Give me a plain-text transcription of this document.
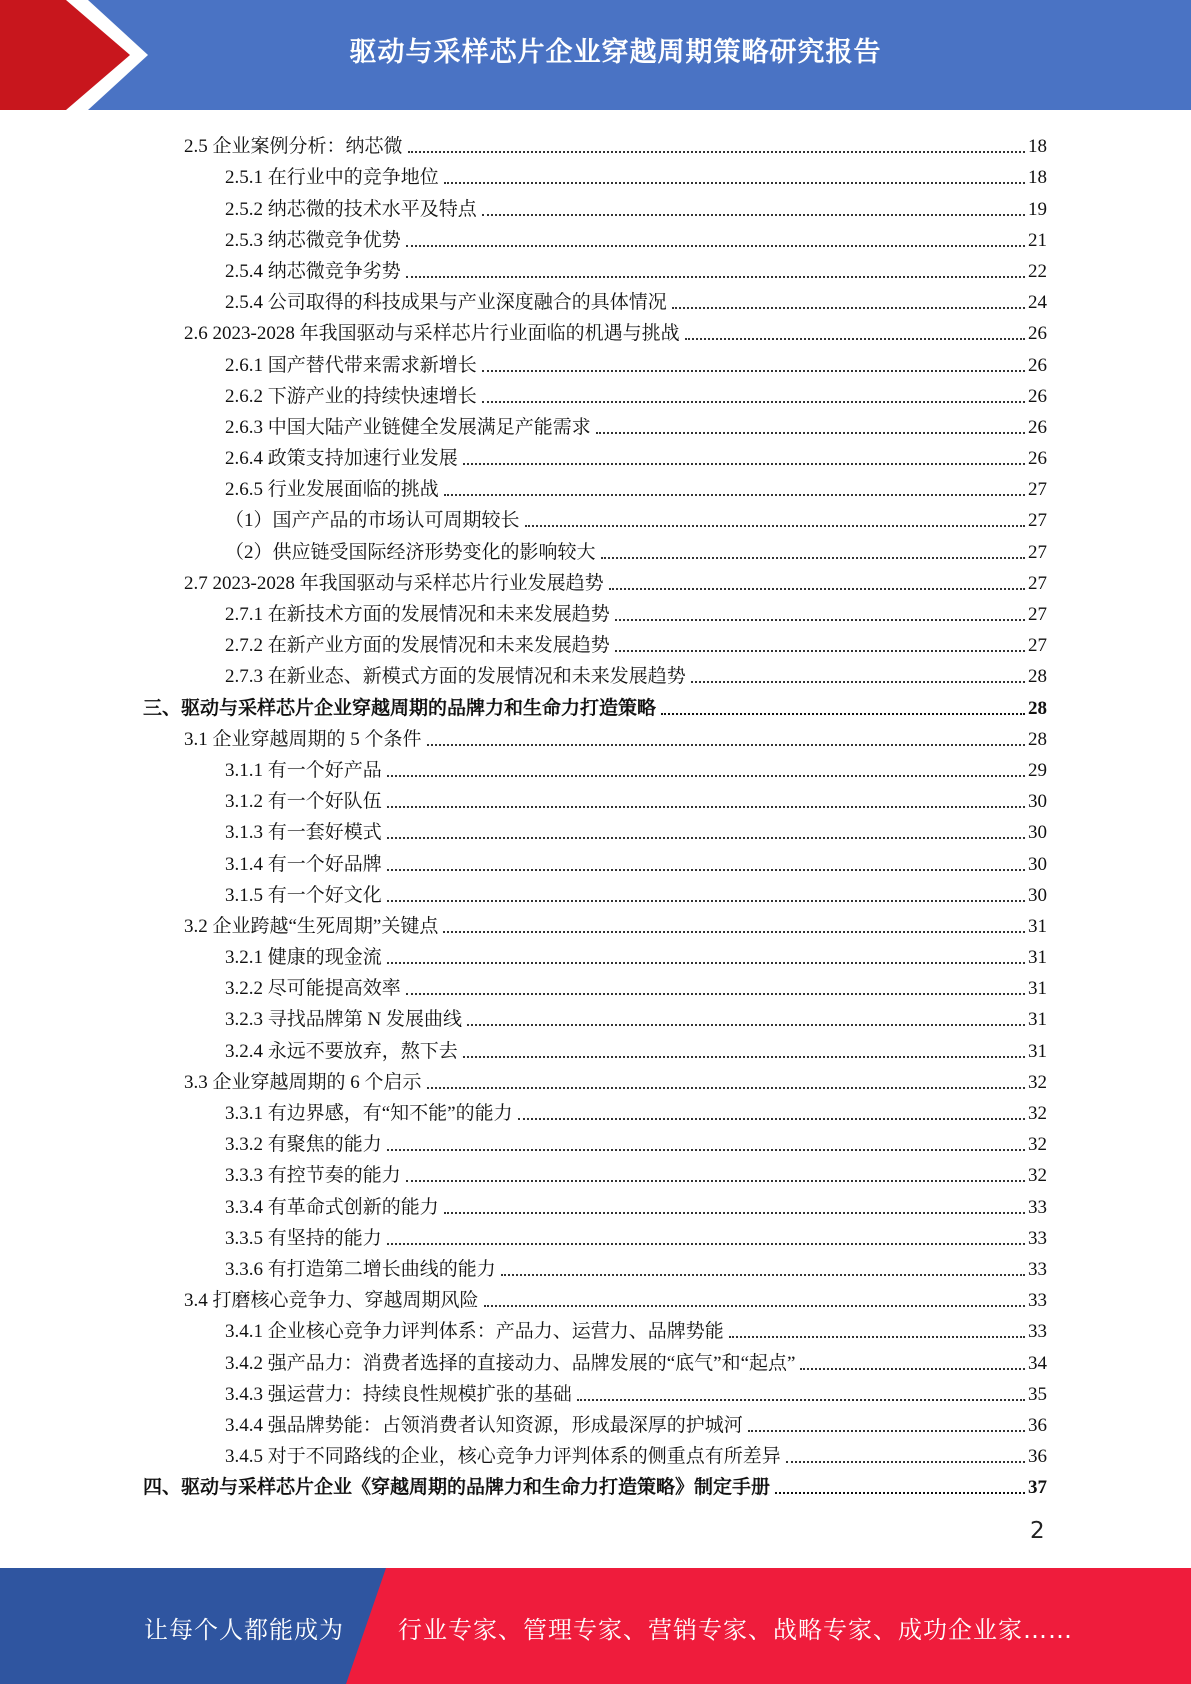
驱动与采样芯片企业穿越周期策略研究报告
2.5 企业案例分析：纳芯微	18
2.5.1 在行业中的竞争地位	18
2.5.2 纳芯微的技术水平及特点	19
2.5.3 纳芯微竞争优势	21
2.5.4 纳芯微竞争劣势	22
2.5.4 公司取得的科技成果与产业深度融合的具体情况	24
2.6 2023-2028 年我国驱动与采样芯片行业面临的机遇与挑战	26
2.6.1 国产替代带来需求新增长	26
2.6.2 下游产业的持续快速增长	26
2.6.3 中国大陆产业链健全发展满足产能需求	26
2.6.4 政策支持加速行业发展	26
2.6.5 行业发展面临的挑战	27
（1）国产产品的市场认可周期较长	27
（2）供应链受国际经济形势变化的影响较大	27
2.7 2023-2028 年我国驱动与采样芯片行业发展趋势	27
2.7.1 在新技术方面的发展情况和未来发展趋势	27
2.7.2 在新产业方面的发展情况和未来发展趋势	27
2.7.3 在新业态、新模式方面的发展情况和未来发展趋势	28
三、驱动与采样芯片企业穿越周期的品牌力和生命力打造策略	28
3.1 企业穿越周期的 5 个条件	28
3.1.1 有一个好产品	29
3.1.2 有一个好队伍	30
3.1.3 有一套好模式	30
3.1.4 有一个好品牌	30
3.1.5 有一个好文化	30
3.2 企业跨越“生死周期”关键点	31
3.2.1 健康的现金流	31
3.2.2 尽可能提高效率	31
3.2.3 寻找品牌第 N 发展曲线	31
3.2.4 永远不要放弃，熬下去	31
3.3 企业穿越周期的 6 个启示	32
3.3.1 有边界感，有“知不能”的能力	32
3.3.2 有聚焦的能力	32
3.3.3 有控节奏的能力	32
3.3.4 有革命式创新的能力	33
3.3.5 有坚持的能力	33
3.3.6 有打造第二增长曲线的能力	33
3.4 打磨核心竞争力、穿越周期风险	33
3.4.1 企业核心竞争力评判体系：产品力、运营力、品牌势能	33
3.4.2 强产品力：消费者选择的直接动力、品牌发展的“底气”和“起点”	34
3.4.3 强运营力：持续良性规模扩张的基础	35
3.4.4 强品牌势能：占领消费者认知资源，形成最深厚的护城河	36
3.4.5 对于不同路线的企业，核心竞争力评判体系的侧重点有所差异	36
四、驱动与采样芯片企业《穿越周期的品牌力和生命力打造策略》制定手册	37
2
让每个人都能成为 行业专家、管理专家、营销专家、战略专家、成功企业家……
